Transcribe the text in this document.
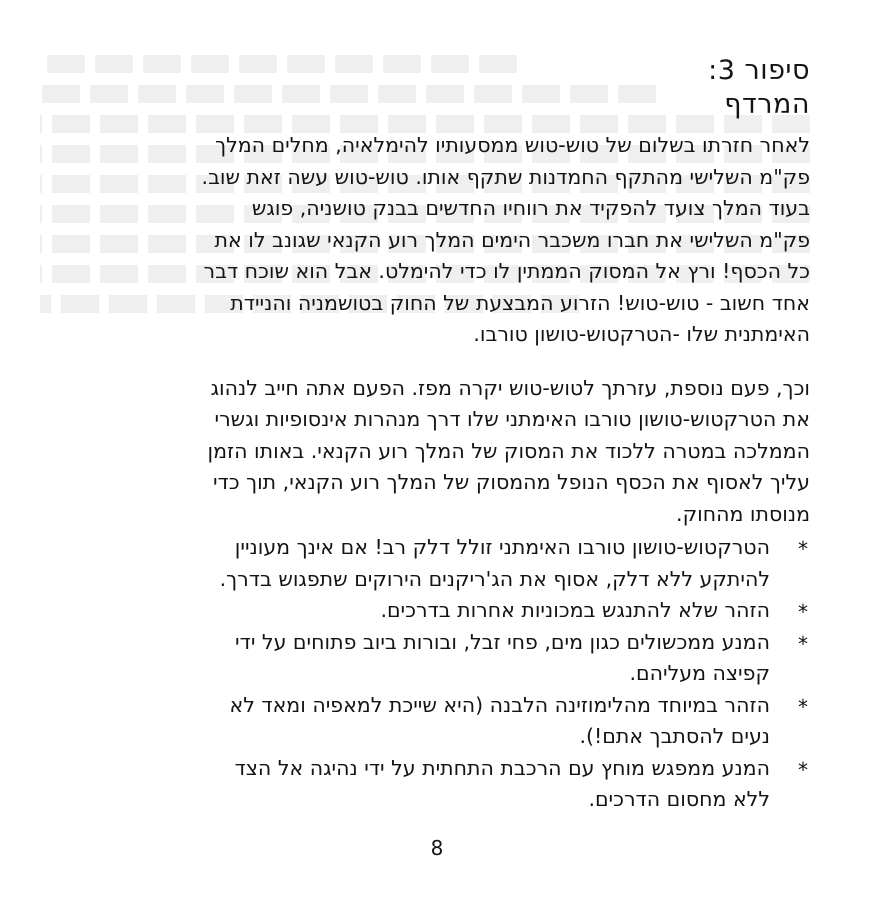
סיפור 3:
המרדף

לאחר חזרתו בשלום של טוש-טוש ממסעותיו להימלאיה, מחלים המלך
פק"מ השלישי מהתקף החמדנות שתקף אותו. טוש-טוש עשה זאת שוב.
בעוד המלך צועד להפקיד את רווחיו החדשים בבנק טושניה, פוגש
פק"מ השלישי את חברו משכבר הימים המלך רוע הקנאי שגונב לו את
כל הכסף! ורץ אל המסוק הממתין לו כדי להימלט. אבל הוא שוכח דבר
אחד חשוב - טוש-טוש! הזרוע המבצעת של החוק בטושמניה והניידת
האימתנית שלו -הטרקטוש-טושון טורבו.

וכך, פעם נוספת, עזרתך לטוש-טוש יקרה מפז. הפעם אתה חייב לנהוג
את הטרקטוש-טושון טורבו האימתני שלו דרך מנהרות אינסופיות וגשרי
הממלכה במטרה ללכוד את המסוק של המלך רוע הקנאי. באותו הזמן
עליך לאסוף את הכסף הנופל מהמסוק של המלך רוע הקנאי, תוך כדי
מנוסתו מהחוק.

*
הטרקטוש-טושון טורבו האימתני זולל דלק רב! אם אינך מעוניין
להיתקע ללא דלק, אסוף את הג'ריקנים הירוקים שתפגוש בדרך.
*
הזהר שלא להתנגש במכוניות אחרות בדרכים.
*
המנע ממכשולים כגון מים, פחי זבל, ובורות ביוב פתוחים על ידי
קפיצה מעליהם.
*
הזהר במיוחד מהלימוזינה הלבנה (היא שייכת למאפיה ומאד לא
נעים להסתבך אתם!).
*
המנע ממפגש מוחץ עם הרכבת התחתית על ידי נהיגה אל הצד
ללא מחסום הדרכים.
8
